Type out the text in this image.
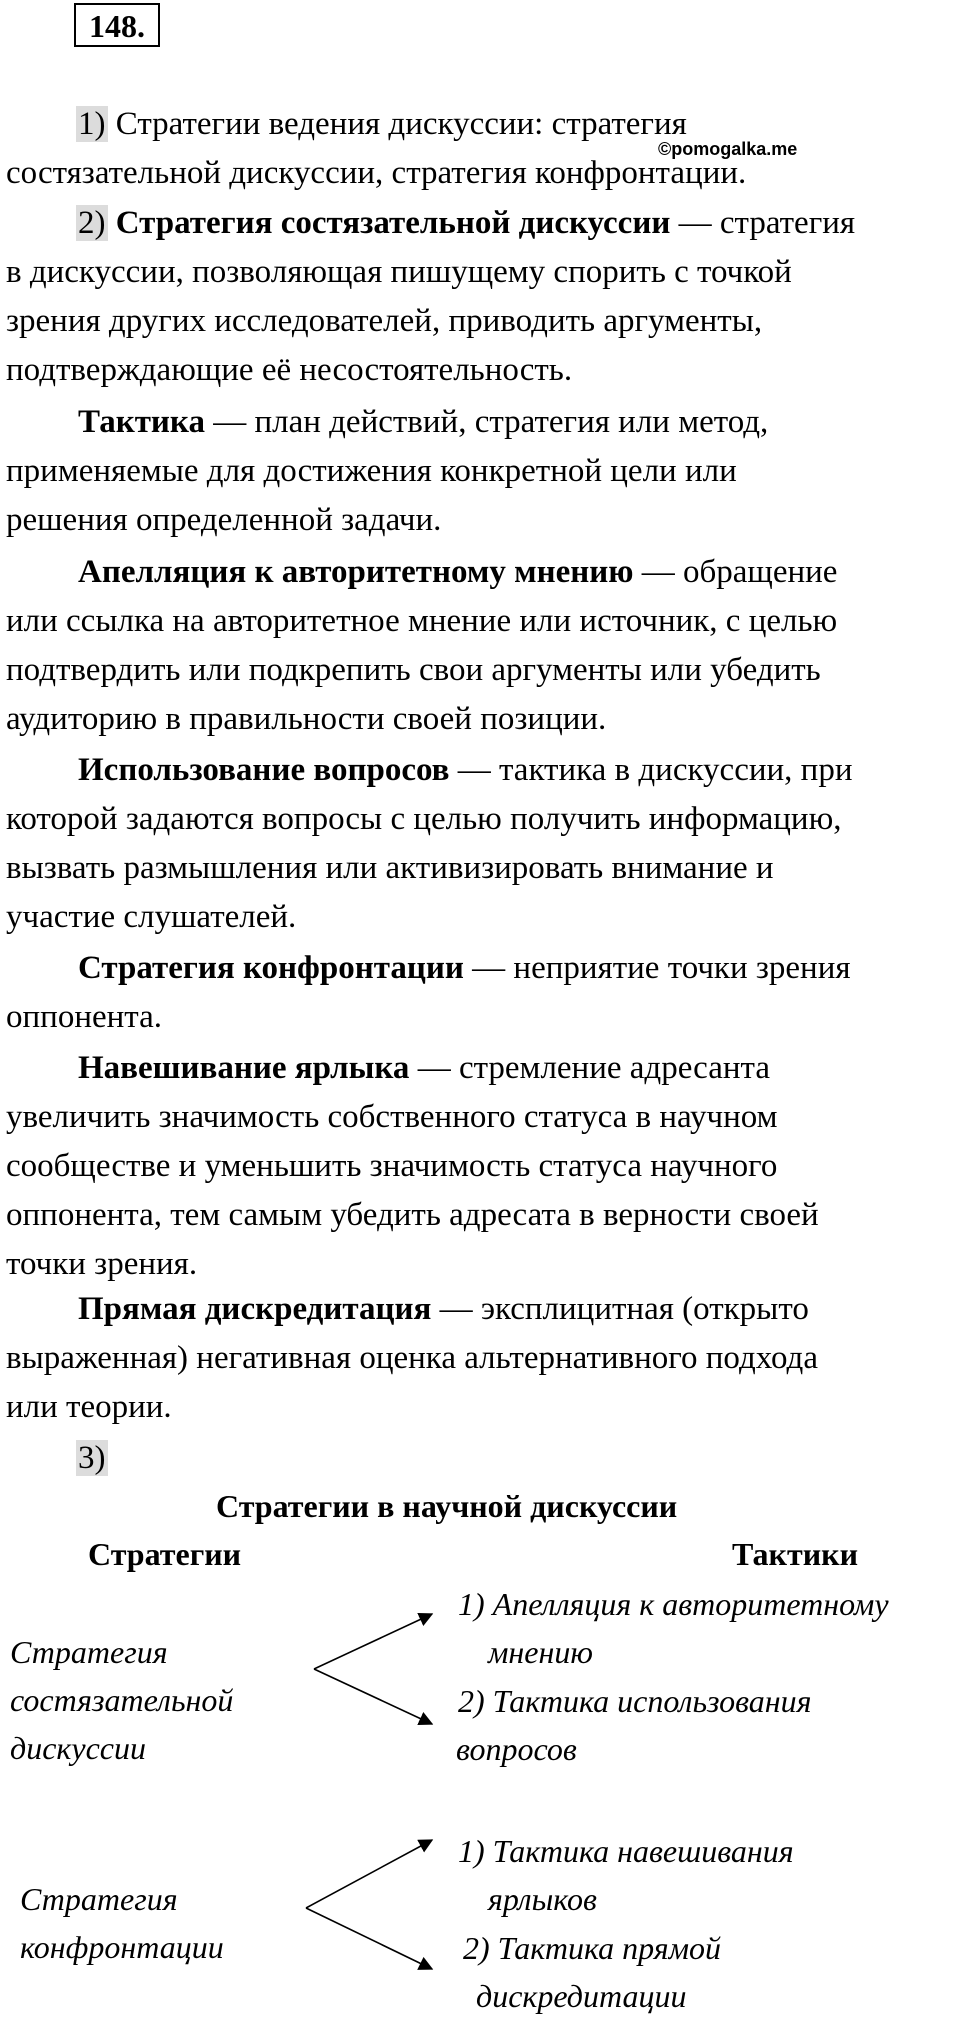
148.
©pomogalka.me
1) Стратегии ведения дискуссии: стратегия
состязательной дискуссии, стратегия конфронтации.
2) Стратегия состязательной дискуссии — стратегия
в дискуссии, позволяющая пишущему спорить с точкой
зрения других исследователей, приводить аргументы,
подтверждающие её несостоятельность.
Тактика — план действий, стратегия или метод,
применяемые для достижения конкретной цели или
решения определенной задачи.
Апелляция к авторитетному мнению — обращение
или ссылка на авторитетное мнение или источник, с целью
подтвердить или подкрепить свои аргументы или убедить
аудиторию в правильности своей позиции.
Использование вопросов — тактика в дискуссии, при
которой задаются вопросы с целью получить информацию,
вызвать размышления или активизировать внимание и
участие слушателей.
Стратегия конфронтации — неприятие точки зрения
оппонента.
Навешивание ярлыка — стремление адресанта
увеличить значимость собственного статуса в научном
сообществе и уменьшить значимость статуса научного
оппонента, тем самым убедить адресата в верности своей
точки зрения.
Прямая дискредитация — эксплицитная (открыто
выраженная) негативная оценка альтернативного подхода
или теории.
3)
Стратегии в научной дискуссии
Стратегии	Тактики
Стратегия
состязательной
дискуссии
1) Апелляция к авторитетному
мнению
2) Тактика использования
вопросов
Стратегия
конфронтации
1) Тактика навешивания
ярлыков
2) Тактика прямой
дискредитации
